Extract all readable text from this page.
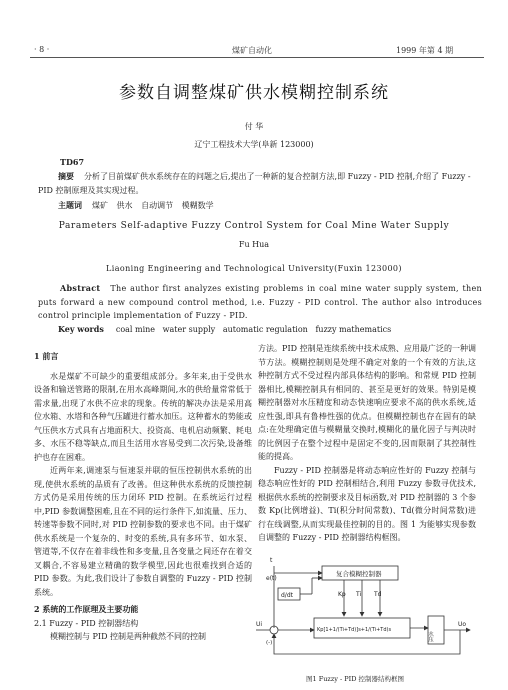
· 8 ·	煤矿自动化	1999 年第 4 期
参数自调整煤矿供水模糊控制系统
付 华
辽宁工程技术大学(阜新 123000)
TD67
摘要 分析了目前煤矿供水系统存在的问题之后,提出了一种新的复合控制方法,即 Fuzzy - PID 控制,介绍了 Fuzzy - PID 控制原理及其实现过程。
主题词 煤矿 供水 自动调节 模糊数学
Parameters Self-adaptive Fuzzy Control System for Coal Mine Water Supply
Fu Hua
Liaoning Engineering and Technological University(Fuxin 123000)
Abstract The author first analyzes existing problems in coal mine water supply system, then puts forward a new compound control method, i.e. Fuzzy - PID control. The author also introduces control principle implementation of Fuzzy - PID.
Key words coal mine   water supply   automatic regulation   fuzzy mathematics

1 前言

水是煤矿不可缺少的重要组成部分。多年来,由于受供水设备和输送管路的限制,在用水高峰期间,水的供给量常常低于需求量,出现了水供不应求的现象。传统的解决办法是采用高位水箱、水塔和各种气压罐进行蓄水加压。这种蓄水的势能或气压供水方式具有占地面积大、投资高、电机启动频繁、耗电多、水压不稳等缺点,而且生活用水容易受到二次污染,设备维护也存在困难。

近两年来,调速泵与恒速泵并联的恒压控制供水系统的出现,使供水系统的品质有了改善。但这种供水系统的反馈控制方式仍是采用传统的压力闭环 PID 控制。在系统运行过程中,PID 参数调整困难,且在不同的运行条件下,如流量、压力、转速等参数不同时,对 PID 控制参数的要求也不同。由于煤矿供水系统是一个复杂的、时变的系统,具有多环节、如水泵、管道等,不仅存在着非线性和多变量,且各变量之间还存在着交叉耦合,不容易建立精确的数学模型,因此也很难找到合适的 PID 参数。为此,我们设计了参数自调整的 Fuzzy - PID 控制系统。

2 系统的工作原理及主要功能

2.1 Fuzzy - PID 控制器结构

模糊控制与 PID 控制是两种截然不同的控制

方法。PID 控制是连续系统中技术成熟、应用最广泛的一种调节方法。模糊控制则是处理不确定对象的一个有效的方法,这种控制方式不受过程内部具体结构的影响。和常规 PID 控制器相比,模糊控制具有相同的、甚至是更好的效果。特别是模糊控制器对水压精度和动态快速响应要求不高的供水系统,适应性强,即具有鲁棒性强的优点。但模糊控制也存在固有的缺点:在处理确定值与模糊量交换时,模糊化的量化因子与判决时的比例因子在整个过程中是固定不变的,因而限制了其控制性能的提高。

Fuzzy - PID 控制器是将动态响应性好的 Fuzzy 控制与稳态响应性好的 PID 控制相结合,利用 Fuzzy 参数寻优技术,根据供水系统的控制要求及目标函数,对 PID 控制器的 3 个参数 Kp(比例增益)、Ti(积分时间常数)、Td(微分时间常数)进行在线调整,从而实现最佳控制的目的。图 1 为能够实现参数自调整的 Fuzzy - PID 控制器结构框图。

t
e(t)
d/dt
复合模糊控制器
Kp Ti Td
Ui
(-)
Kp[1+1/(Ti+Td)]s+1/(Ti+Td)s
水压
Uo
图1 Fuzzy - PID 控制器结构框图
